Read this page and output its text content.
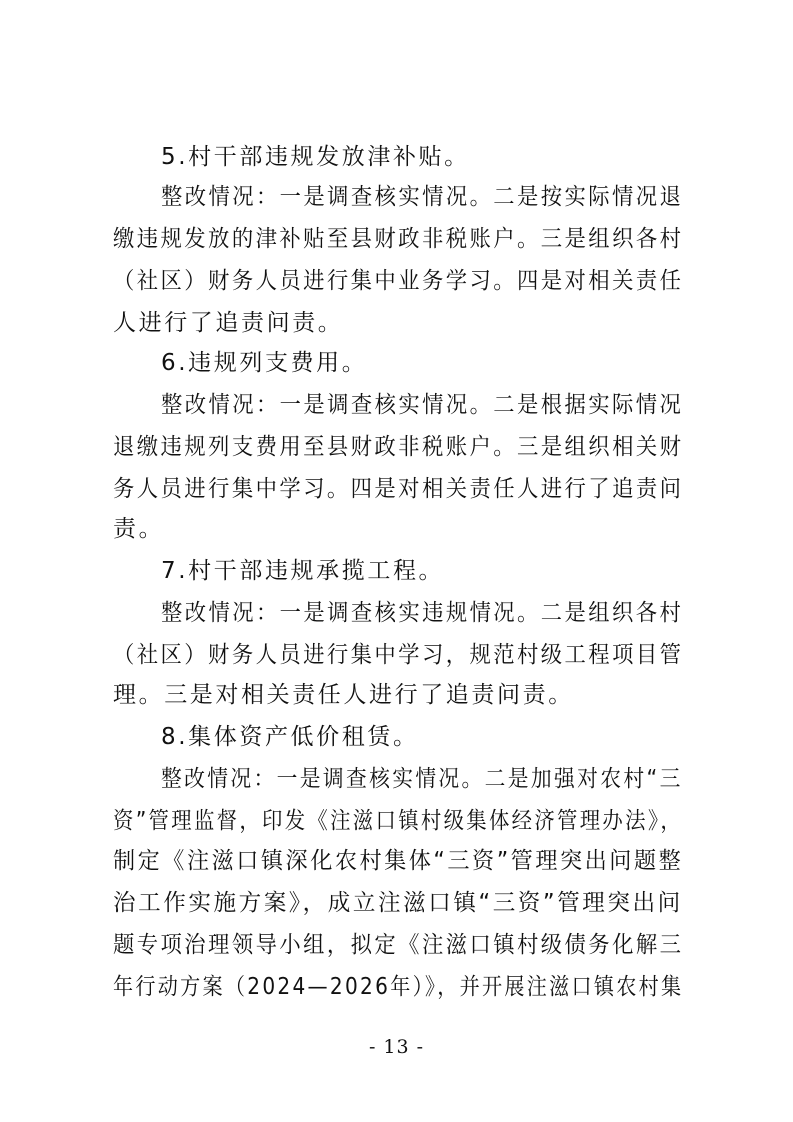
5.村干部违规发放津补贴。
整改情况：一是调查核实情况。二是按实际情况退
缴违规发放的津补贴至县财政非税账户。三是组织各村
（社区）财务人员进行集中业务学习。四是对相关责任
人进行了追责问责。
6.违规列支费用。
整改情况：一是调查核实情况。二是根据实际情况
退缴违规列支费用至县财政非税账户。三是组织相关财
务人员进行集中学习。四是对相关责任人进行了追责问
责。
7.村干部违规承揽工程。
整改情况：一是调查核实违规情况。二是组织各村
（社区）财务人员进行集中学习，规范村级工程项目管
理。三是对相关责任人进行了追责问责。
8.集体资产低价租赁。
整改情况：一是调查核实情况。二是加强对农村“三
资”管理监督，印发《注滋口镇村级集体经济管理办法》，
制定《注滋口镇深化农村集体“三资”管理突出问题整
治工作实施方案》，成立注滋口镇“三资”管理突出问
题专项治理领导小组，拟定《注滋口镇村级债务化解三
年行动方案（2024—2026年）》，并开展注滋口镇农村集
- 13 -
